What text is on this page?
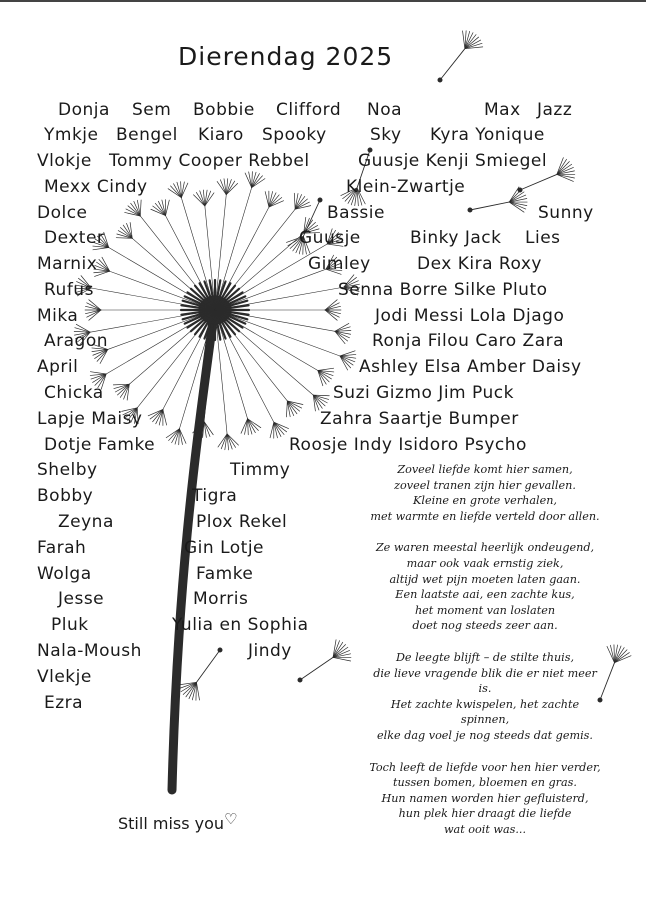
Dierendag 2025
Donja Sem Bobbie Clifford Noa	Max Jazz
Ymkje Bengel Kiaro Spooky	Sky Kyra Yonique
Vlokje Tommy Cooper Rebbel	Guusje Kenji Smiegel
Mexx Cindy	Klein-Zwartje
Dolce	Bassie	Sunny
Dexter	Guusje	Binky Jack Lies
Marnix	Gimley	Dex Kira Roxy
Rufus	Senna Borre Silke Pluto
Mika	Jodi Messi Lola Djago
Aragon	Ronja Filou Caro Zara
April	Ashley Elsa Amber Daisy
Chicka	Suzi Gizmo Jim Puck
Lapje Maisy	Zahra Saartje Bumper
Dotje Famke	Roosje Indy Isidoro Psycho
Shelby	Timmy
Bobby	Tigra
Zeyna	Plox Rekel
Farah	Gin Lotje
Wolga	Famke
Jesse	Morris
Pluk	Yulia en Sophia
Nala-Moush	Jindy
Vlekje
Ezra
Zoveel liefde komt hier samen,
zoveel tranen zijn hier gevallen.
Kleine en grote verhalen,
met warmte en liefde verteld door allen.
Ze waren meestal heerlijk ondeugend,
maar ook vaak ernstig ziek,
altijd wet pijn moeten laten gaan.
Een laatste aai, een zachte kus,
het moment van loslaten
doet nog steeds zeer aan.
De leegte blijft – de stilte thuis,
die lieve vragende blik die er niet meer
is.
Het zachte kwispelen, het zachte
spinnen,
elke dag voel je nog steeds dat gemis.
Toch leeft de liefde voor hen hier verder,
tussen bomen, bloemen en gras.
Hun namen worden hier gefluisterd,
hun plek hier draagt die liefde
wat ooit was...
Still miss you♡
